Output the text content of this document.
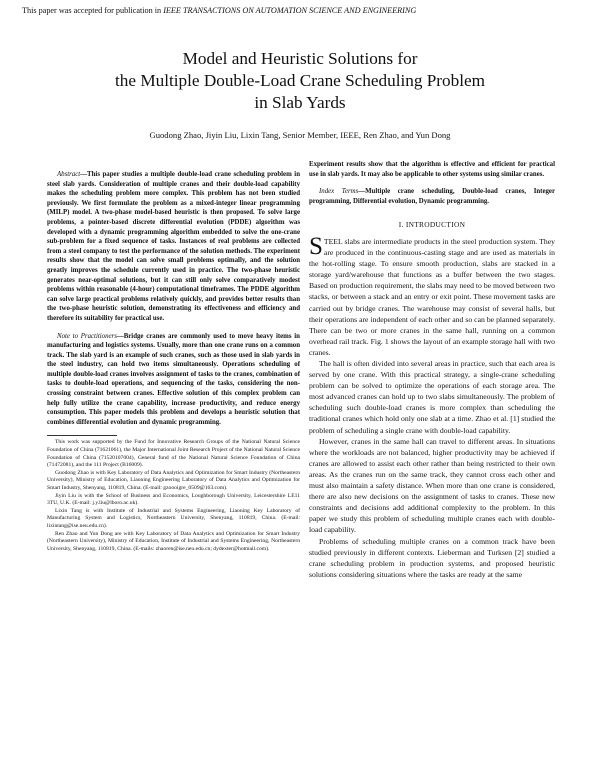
This paper was accepted for publication in IEEE TRANSACTIONS ON AUTOMATION SCIENCE AND ENGINEERING
Model and Heuristic Solutions for
the Multiple Double-Load Crane Scheduling Problem
in Slab Yards
Guodong Zhao, Jiyin Liu, Lixin Tang, Senior Member, IEEE, Ren Zhao, and Yun Dong

Abstract—This paper studies a multiple double-load crane scheduling problem in steel slab yards. Consideration of multiple cranes and their double-load capability makes the scheduling problem more complex. This problem has not been studied previously. We first formulate the problem as a mixed-integer linear programming (MILP) model. A two-phase model-based heuristic is then proposed. To solve large problems, a pointer-based discrete differential evolution (PDDE) algorithm was developed with a dynamic programming algorithm embedded to solve the one-crane sub-problem for a fixed sequence of tasks. Instances of real problems are collected from a steel company to test the performance of the solution methods. The experiment results show that the model can solve small problems optimally, and the solution greatly improves the schedule currently used in practice. The two-phase heuristic generates near-optimal solutions, but it can still only solve comparatively modest problems within reasonable (4-hour) computational timeframes. The PDDE algorithm can solve large practical problems relatively quickly, and provides better results than the two-phase heuristic solution, demonstrating its effectiveness and efficiency and therefore its suitability for practical use.

Note to Practitioners—Bridge cranes are commonly used to move heavy items in manufacturing and logistics systems. Usually, more than one crane runs on a common track. The slab yard is an example of such cranes, such as those used in slab yards in the steel industry, can hold two items simultaneously. Operations scheduling of multiple double-load cranes involves assignment of tasks to the cranes, combination of tasks to double-load operations, and sequencing of the tasks, considering the non-crossing constraint between cranes. Effective solution of this complex problem can help fully utilize the crane capability, increase productivity, and reduce energy consumption. This paper models this problem and develops a heuristic solution that combines differential evolution and dynamic programming.

This work was supported by the Fund for Innovative Research Groups of the National Natural Science Foundation of China (71621061), the Major International Joint Research Project of the National Natural Science Foundation of China (71520107004), General fund of the National Natural Science Foundation of China (71472081), and the 111 Project (B16009).

Guodong Zhao is with Key Laboratory of Data Analytics and Optimization for Smart Industry (Northeastern University), Ministry of Education, Liaoning Engineering Laboratory of Data Analytics and Optimization for Smart Industry, Shenyang, 110819, China. (E-mail: gzoooigre_0509@163.com).

Jiyin Liu is with the School of Business and Economics, Loughborough University, Leicestershire LE11 3TU, U.K. (E-mail: j.y.liu@lboro.ac.uk).

Lixin Tang is with Institute of Industrial and Systems Engineering, Liaoning Key Laboratory of Manufacturing System and Logistics, Northeastern University, Shenyang, 110819, China. (E-mail: lixintang@ise.neu.edu.cn).

Ren Zhao and Yun Dong are with Key Laboratory of Data Analytics and Optimization for Smart Industry (Northeastern University), Ministry of Education, Institute of Industrial and Systems Engineering, Northeastern University, Shenyang, 110819, China. (E-mails: zhaoren@ise.neu.edu.cn; dydexter@hotmail.com).

Experiment results show that the algorithm is effective and efficient for practical use in slab yards. It may also be applicable to other systems using similar cranes.

Index Terms—Multiple crane scheduling, Double-load cranes, Integer programming, Differential evolution, Dynamic programming.

I. INTRODUCTION

STEEL slabs are intermediate products in the steel production system. They are produced in the continuous-casting stage and are used as materials in the hot-rolling stage. To ensure smooth production, slabs are stacked in a storage yard/warehouse that functions as a buffer between the two stages. Based on production requirement, the slabs may need to be moved between two stacks, or between a stack and an entry or exit point. These movement tasks are carried out by bridge cranes. The warehouse may consist of several halls, but their operations are independent of each other and so can be planned separately. There can be two or more cranes in the same hall, running on a common overhead rail track. Fig. 1 shows the layout of an example storage hall with two cranes.

The hall is often divided into several areas in practice, such that each area is served by one crane. With this practical strategy, a single-crane scheduling problem can be solved to optimize the operations of each storage area. The most advanced cranes can hold up to two slabs simultaneously. The problem of scheduling such double-load cranes is more complex than scheduling the traditional cranes which hold only one slab at a time. Zhao et al. [1] studied the problem of scheduling a single crane with double-load capability.

However, cranes in the same hall can travel to different areas. In situations where the workloads are not balanced, higher productivity may be achieved if cranes are allowed to assist each other rather than being restricted to their own areas. As the cranes run on the same track, they cannot cross each other and must also maintain a safety distance. When more than one crane is considered, there are also new decisions on the assignment of tasks to cranes. These new constraints and decisions add additional complexity to the problem. In this paper we study this problem of scheduling multiple cranes each with double-load capability.

Problems of scheduling multiple cranes on a common track have been studied previously in different contexts. Lieberman and Turksen [2] studied a crane scheduling problem in production systems, and proposed heuristic solutions considering situations where the tasks are ready at the same
